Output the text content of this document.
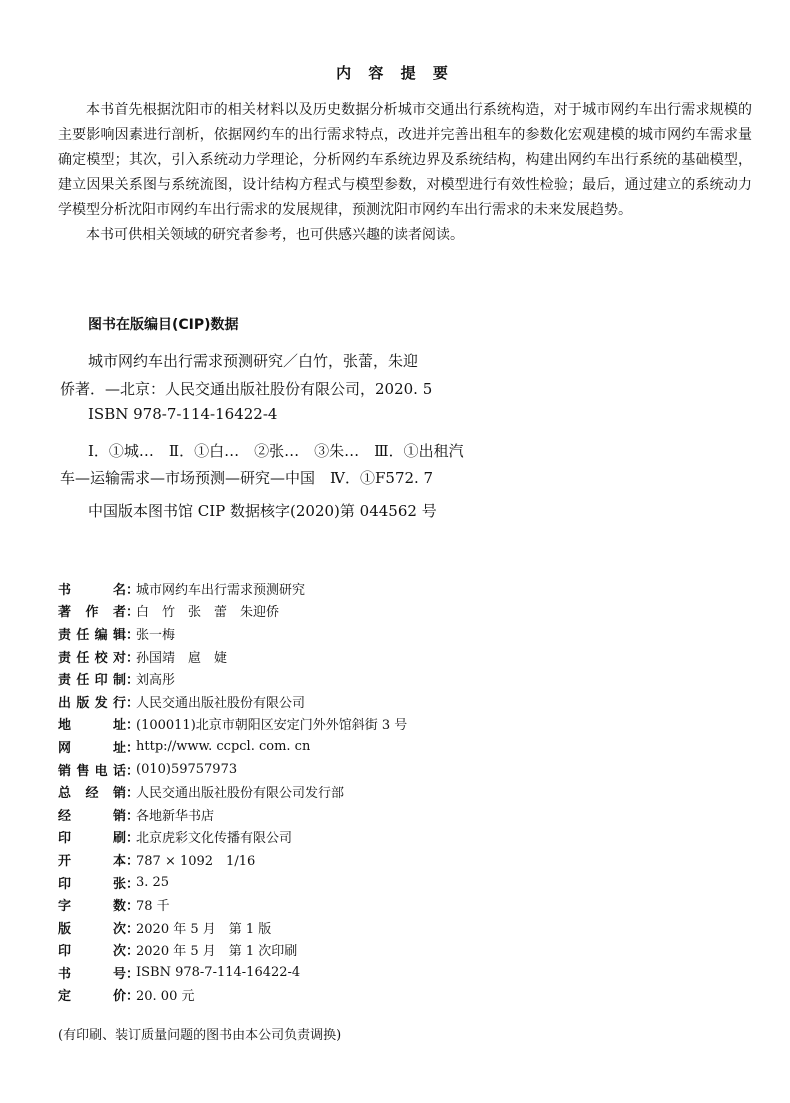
内 容 提 要

本书首先根据沈阳市的相关材料以及历史数据分析城市交通出行系统构造，对于城市网约车出行需求规模的主要影响因素进行剖析，依据网约车的出行需求特点，改进并完善出租车的参数化宏观建模的城市网约车需求量确定模型；其次，引入系统动力学理论，分析网约车系统边界及系统结构，构建出网约车出行系统的基础模型，建立因果关系图与系统流图，设计结构方程式与模型参数，对模型进行有效性检验；最后，通过建立的系统动力学模型分析沈阳市网约车出行需求的发展规律，预测沈阳市网约车出行需求的未来发展趋势。

本书可供相关领域的研究者参考，也可供感兴趣的读者阅读。

图书在版编目(CIP)数据
城市网约车出行需求预测研究／白竹，张蕾，朱迎
侨著．—北京：人民交通出版社股份有限公司，2020. 5
ISBN 978-7-114-16422-4
Ⅰ．①城…　Ⅱ．①白…　②张…　③朱…　Ⅲ．①出租汽
车—运输需求—市场预测—研究—中国　Ⅳ．①F572. 7
中国版本图书馆 CIP 数据核字(2020)第 044562 号
书	名 ：
城市网约车出行需求预测研究
著 作 者 ：
白　竹　张　蕾　朱迎侨
责 任 编 辑 ：
张一梅
责 任 校 对 ：
孙国靖　扈　婕
责 任 印 制 ：
刘高彤
出 版 发 行 ：
人民交通出版社股份有限公司
地	址 ：
(100011)北京市朝阳区安定门外外馆斜街 3 号
网	址 ：
http://www. ccpcl. com. cn
销 售 电 话 ：
(010)59757973
总 经 销 ：
人民交通出版社股份有限公司发行部
经	销 ：
各地新华书店
印	刷 ：
北京虎彩文化传播有限公司
开	本 ：
787 × 1092　1/16
印	张 ：
3. 25
字	数 ：
78 千
版	次 ：
2020 年 5 月　第 1 版
印	次 ：
2020 年 5 月　第 1 次印刷
书	号 ：
ISBN 978-7-114-16422-4
定	价 ：
20. 00 元
(有印刷、装订质量问题的图书由本公司负责调换)
